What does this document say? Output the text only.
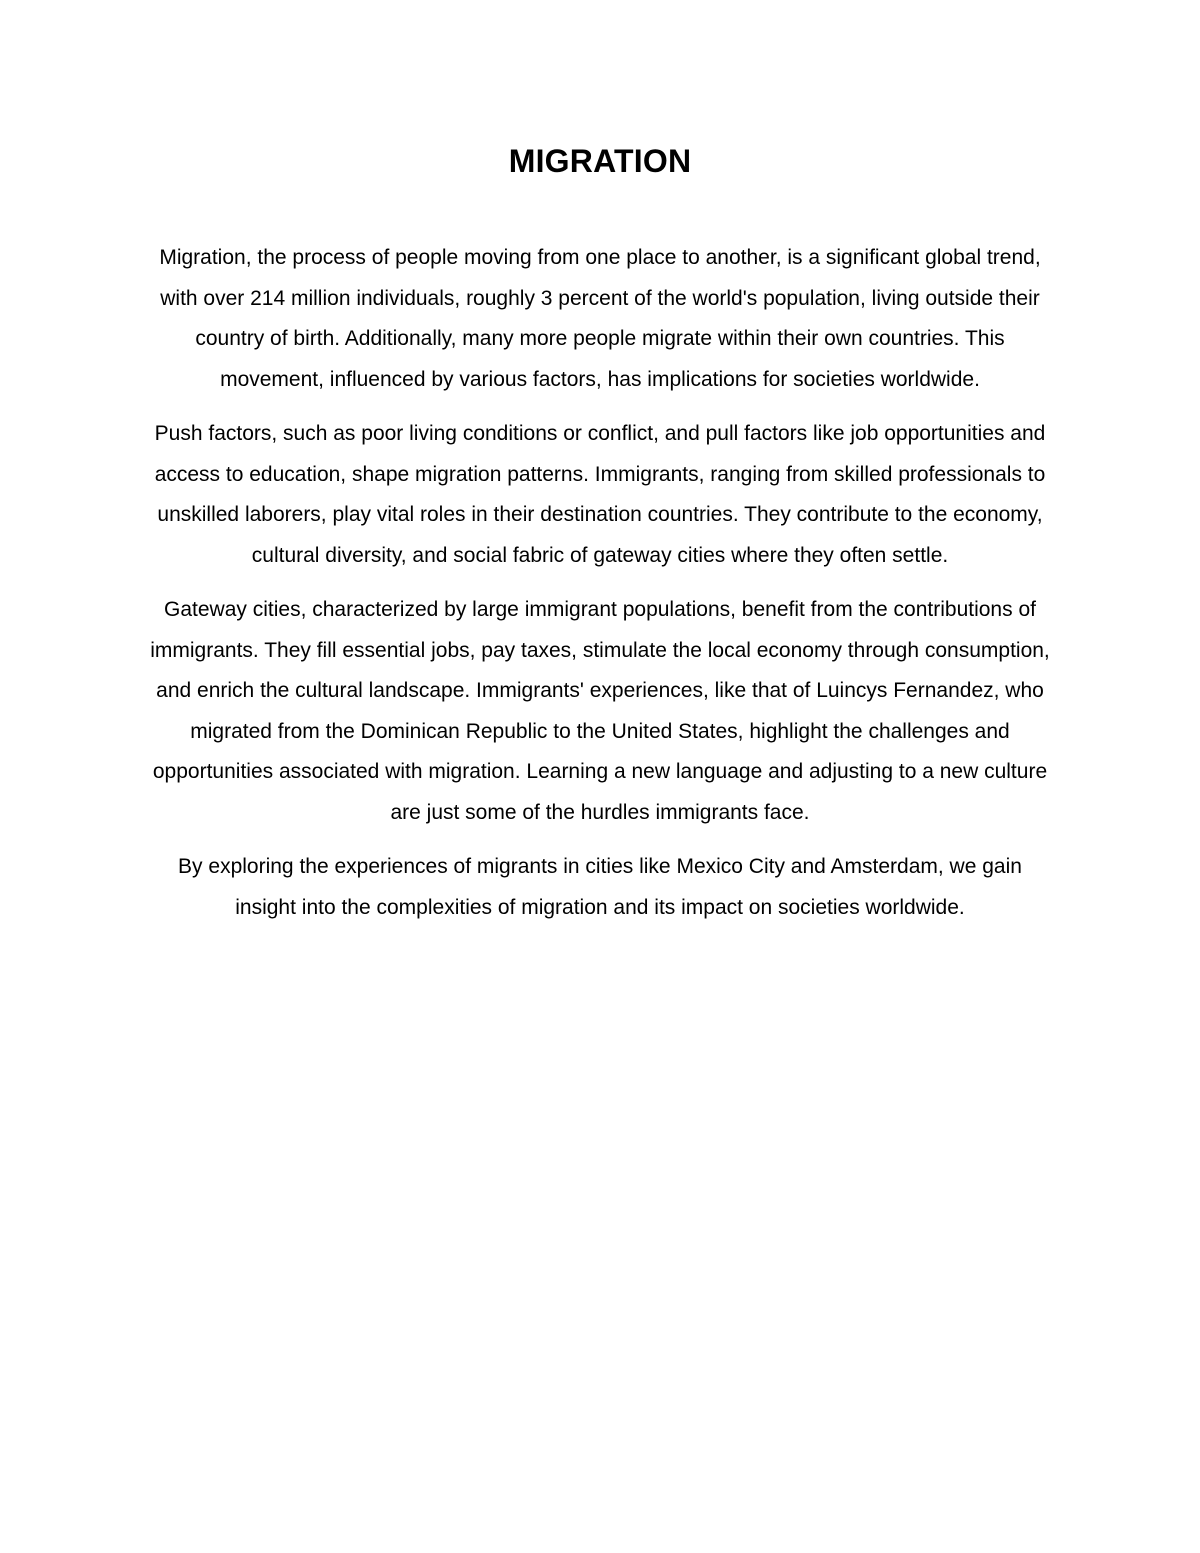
MIGRATION

Migration, the process of people moving from one place to another, is a significant global trend, with over 214 million individuals, roughly 3 percent of the world's population, living outside their country of birth. Additionally, many more people migrate within their own countries. This movement, influenced by various factors, has implications for societies worldwide.

Push factors, such as poor living conditions or conflict, and pull factors like job opportunities and access to education, shape migration patterns. Immigrants, ranging from skilled professionals to unskilled laborers, play vital roles in their destination countries. They contribute to the economy, cultural diversity, and social fabric of gateway cities where they often settle.

Gateway cities, characterized by large immigrant populations, benefit from the contributions of immigrants. They fill essential jobs, pay taxes, stimulate the local economy through consumption, and enrich the cultural landscape. Immigrants' experiences, like that of Luincys Fernandez, who migrated from the Dominican Republic to the United States, highlight the challenges and opportunities associated with migration. Learning a new language and adjusting to a new culture are just some of the hurdles immigrants face.

By exploring the experiences of migrants in cities like Mexico City and Amsterdam, we gain insight into the complexities of migration and its impact on societies worldwide.
